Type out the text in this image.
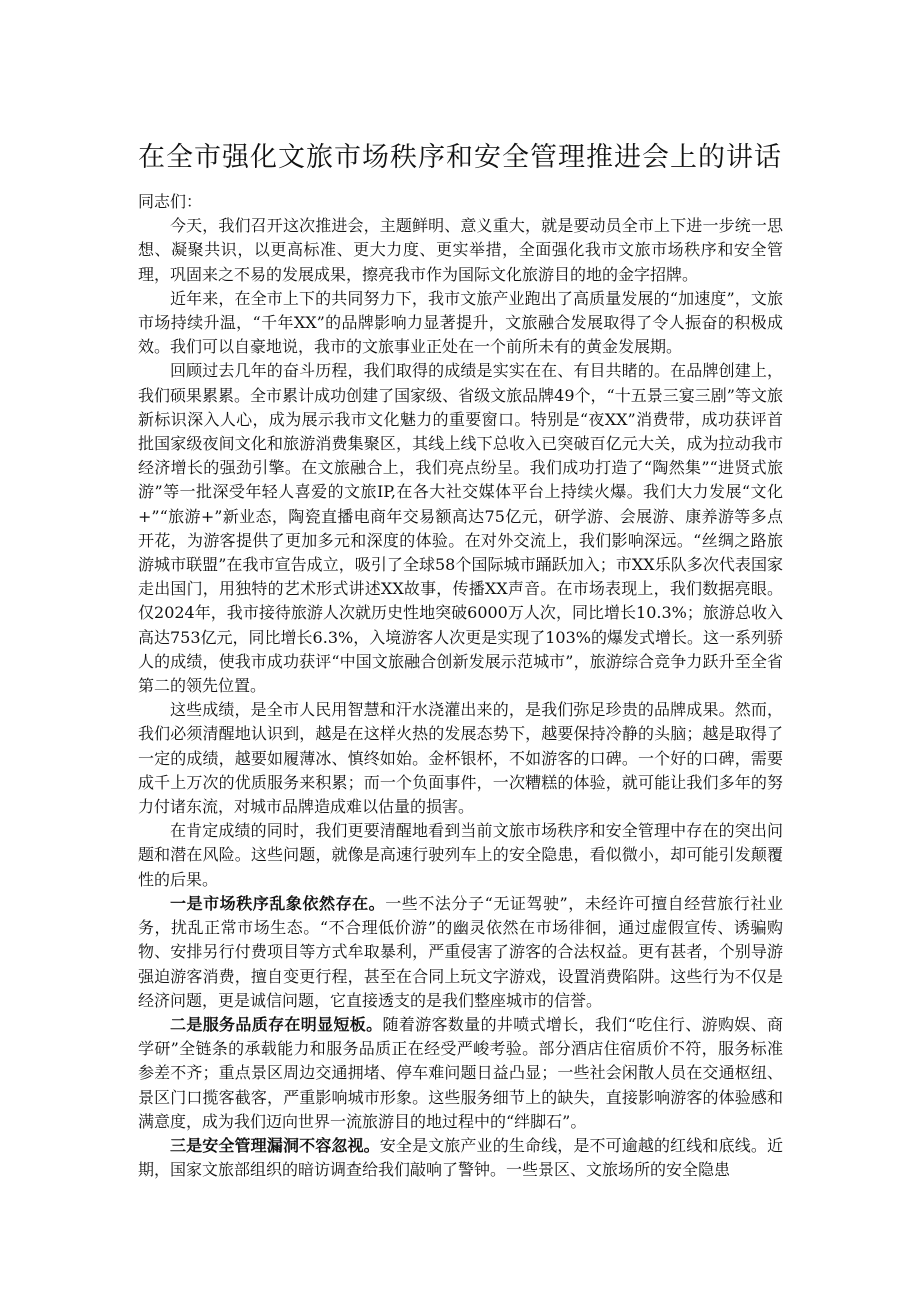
在全市强化文旅市场秩序和安全管理推进会上的讲话

同志们：

今天，我们召开这次推进会，主题鲜明、意义重大，就是要动员全市上下进一步统一思想、凝聚共识，以更高标准、更大力度、更实举措，全面强化我市文旅市场秩序和安全管理，巩固来之不易的发展成果，擦亮我市作为国际文化旅游目的地的金字招牌。

近年来，在全市上下的共同努力下，我市文旅产业跑出了高质量发展的“加速度”，文旅市场持续升温，“千年XX”的品牌影响力显著提升，文旅融合发展取得了令人振奋的积极成效。我们可以自豪地说，我市的文旅事业正处在一个前所未有的黄金发展期。

回顾过去几年的奋斗历程，我们取得的成绩是实实在在、有目共睹的。在品牌创建上，我们硕果累累。全市累计成功创建了国家级、省级文旅品牌49个，“十五景三宴三剧”等文旅新标识深入人心，成为展示我市文化魅力的重要窗口。特别是“夜XX”消费带，成功获评首批国家级夜间文化和旅游消费集聚区，其线上线下总收入已突破百亿元大关，成为拉动我市经济增长的强劲引擎。在文旅融合上，我们亮点纷呈。我们成功打造了“陶然集”“进贤式旅游”等一批深受年轻人喜爱的文旅IP,在各大社交媒体平台上持续火爆。我们大力发展“文化+”“旅游+”新业态，陶瓷直播电商年交易额高达75亿元，研学游、会展游、康养游等多点开花，为游客提供了更加多元和深度的体验。在对外交流上，我们影响深远。“丝绸之路旅游城市联盟”在我市宣告成立，吸引了全球58个国际城市踊跃加入；市XX乐队多次代表国家走出国门，用独特的艺术形式讲述XX故事，传播XX声音。在市场表现上，我们数据亮眼。仅2024年，我市接待旅游人次就历史性地突破6000万人次，同比增长10.3%；旅游总收入高达753亿元，同比增长6.3%，入境游客人次更是实现了103%的爆发式增长。这一系列骄人的成绩，使我市成功获评“中国文旅融合创新发展示范城市”，旅游综合竞争力跃升至全省第二的领先位置。

这些成绩，是全市人民用智慧和汗水浇灌出来的，是我们弥足珍贵的品牌成果。然而，我们必须清醒地认识到，越是在这样火热的发展态势下，越要保持冷静的头脑；越是取得了一定的成绩，越要如履薄冰、慎终如始。金杯银杯，不如游客的口碑。一个好的口碑，需要成千上万次的优质服务来积累；而一个负面事件，一次糟糕的体验，就可能让我们多年的努力付诸东流，对城市品牌造成难以估量的损害。

在肯定成绩的同时，我们更要清醒地看到当前文旅市场秩序和安全管理中存在的突出问题和潜在风险。这些问题，就像是高速行驶列车上的安全隐患，看似微小，却可能引发颠覆性的后果。

一是市场秩序乱象依然存在。一些不法分子“无证驾驶”，未经许可擅自经营旅行社业务，扰乱正常市场生态。“不合理低价游”的幽灵依然在市场徘徊，通过虚假宣传、诱骗购物、安排另行付费项目等方式牟取暴利，严重侵害了游客的合法权益。更有甚者，个别导游强迫游客消费，擅自变更行程，甚至在合同上玩文字游戏，设置消费陷阱。这些行为不仅是经济问题，更是诚信问题，它直接透支的是我们整座城市的信誉。

二是服务品质存在明显短板。随着游客数量的井喷式增长，我们“吃住行、游购娱、商学研”全链条的承载能力和服务品质正在经受严峻考验。部分酒店住宿质价不符，服务标准参差不齐；重点景区周边交通拥堵、停车难问题日益凸显；一些社会闲散人员在交通枢纽、景区门口揽客截客，严重影响城市形象。这些服务细节上的缺失，直接影响游客的体验感和满意度，成为我们迈向世界一流旅游目的地过程中的“绊脚石”。

三是安全管理漏洞不容忽视。安全是文旅产业的生命线，是不可逾越的红线和底线。近期，国家文旅部组织的暗访调查给我们敲响了警钟。一些景区、文旅场所的安全隐患
